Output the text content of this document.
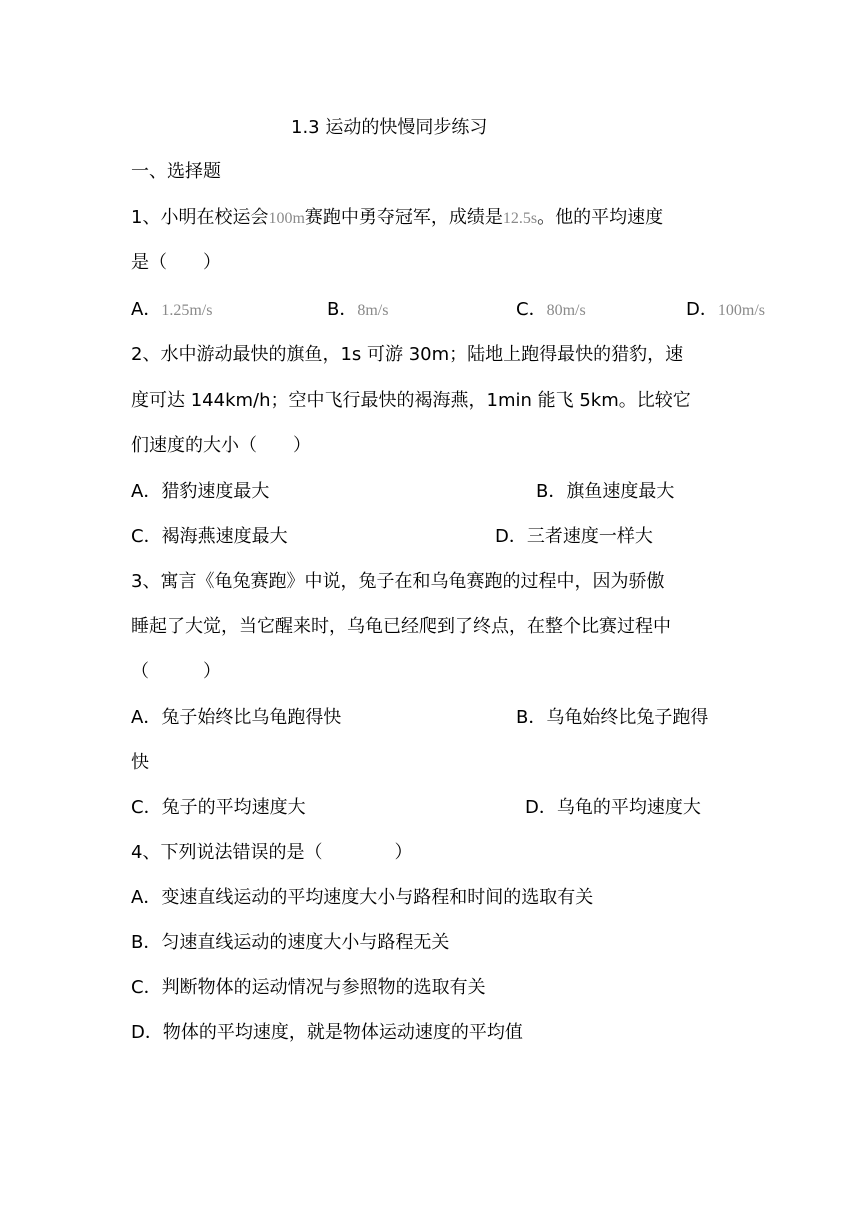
1.3 运动的快慢同步练习
一、选择题
1、小明在校运会100m赛跑中勇夺冠军，成绩是12.5s。他的平均速度
是（　　）
A．1.25m/s	B．8m/s	C．80m/s	D．100m/s
2、水中游动最快的旗鱼，1s 可游 30m；陆地上跑得最快的猎豹，速
度可达 144km/h；空中飞行最快的褐海燕，1min 能飞 5km。比较它
们速度的大小（　　）
A．猎豹速度最大	B．旗鱼速度最大
C．褐海燕速度最大	D．三者速度一样大
3、寓言《龟兔赛跑》中说，兔子在和乌龟赛跑的过程中，因为骄傲
睡起了大觉，当它醒来时，乌龟已经爬到了终点，在整个比赛过程中
（　　　）
A．兔子始终比乌龟跑得快	B．乌龟始终比兔子跑得
快
C．兔子的平均速度大	D．乌龟的平均速度大
4、下列说法错误的是（　　　　）
A．变速直线运动的平均速度大小与路程和时间的选取有关
B．匀速直线运动的速度大小与路程无关
C．判断物体的运动情况与参照物的选取有关
D．物体的平均速度，就是物体运动速度的平均值
